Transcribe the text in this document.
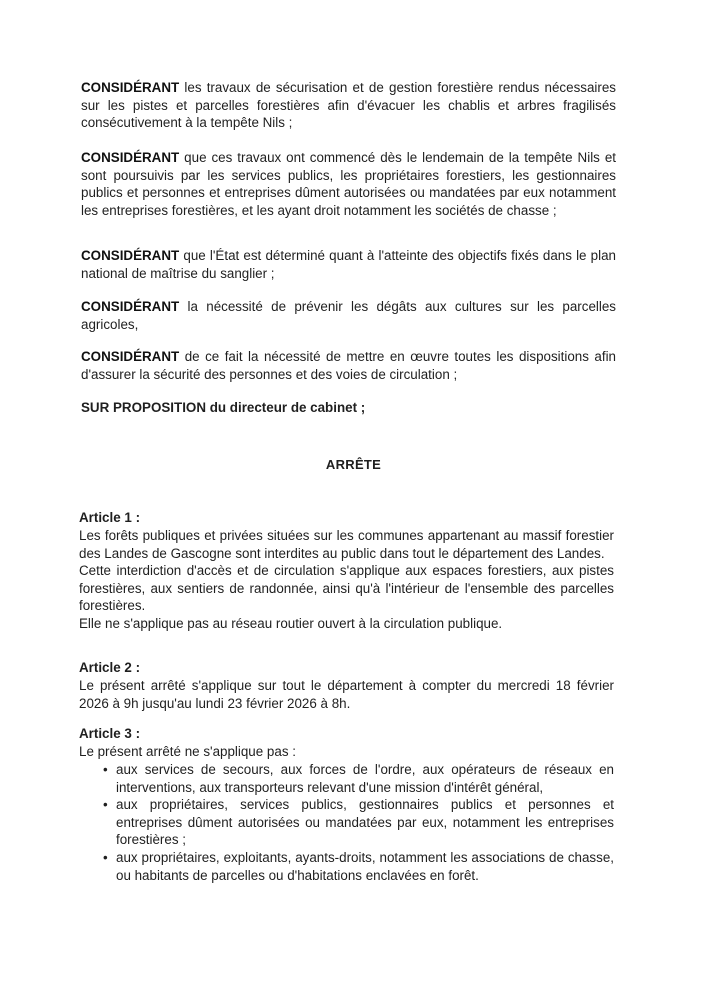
CONSIDÉRANT les travaux de sécurisation et de gestion forestière rendus nécessaires sur les pistes et parcelles forestières afin d'évacuer les chablis et arbres fragilisés consécutivement à la tempête Nils ;

CONSIDÉRANT que ces travaux ont commencé dès le lendemain de la tempête Nils et sont poursuivis par les services publics, les propriétaires forestiers, les gestionnaires publics et personnes et entreprises dûment autorisées ou mandatées par eux notamment les entreprises forestières, et les ayant droit notamment les sociétés de chasse ;

CONSIDÉRANT que l'État est déterminé quant à l'atteinte des objectifs fixés dans le plan national de maîtrise du sanglier ;

CONSIDÉRANT la nécessité de prévenir les dégâts aux cultures sur les parcelles agricoles,

CONSIDÉRANT de ce fait la nécessité de mettre en œuvre toutes les dispositions afin d'assurer la sécurité des personnes et des voies de circulation ;

SUR PROPOSITION du directeur de cabinet ;

ARRÊTE

Article 1 :

Les forêts publiques et privées situées sur les communes appartenant au massif forestier des Landes de Gascogne sont interdites au public dans tout le département des Landes.

Cette interdiction d'accès et de circulation s'applique aux espaces forestiers, aux pistes forestières, aux sentiers de randonnée, ainsi qu'à l'intérieur de l'ensemble des parcelles forestières.

Elle ne s'applique pas au réseau routier ouvert à la circulation publique.

Article 2 :

Le présent arrêté s'applique sur tout le département à compter du mercredi 18 février 2026 à 9h jusqu'au lundi 23 février 2026 à 8h.

Article 3 :

Le présent arrêté ne s'applique pas :

• aux services de secours, aux forces de l'ordre, aux opérateurs de réseaux en interventions, aux transporteurs relevant d'une mission d'intérêt général,
• aux propriétaires, services publics, gestionnaires publics et personnes et entreprises dûment autorisées ou mandatées par eux, notamment les entreprises forestières ;
• aux propriétaires, exploitants, ayants-droits, notamment les associations de chasse, ou habitants de parcelles ou d'habitations enclavées en forêt.
